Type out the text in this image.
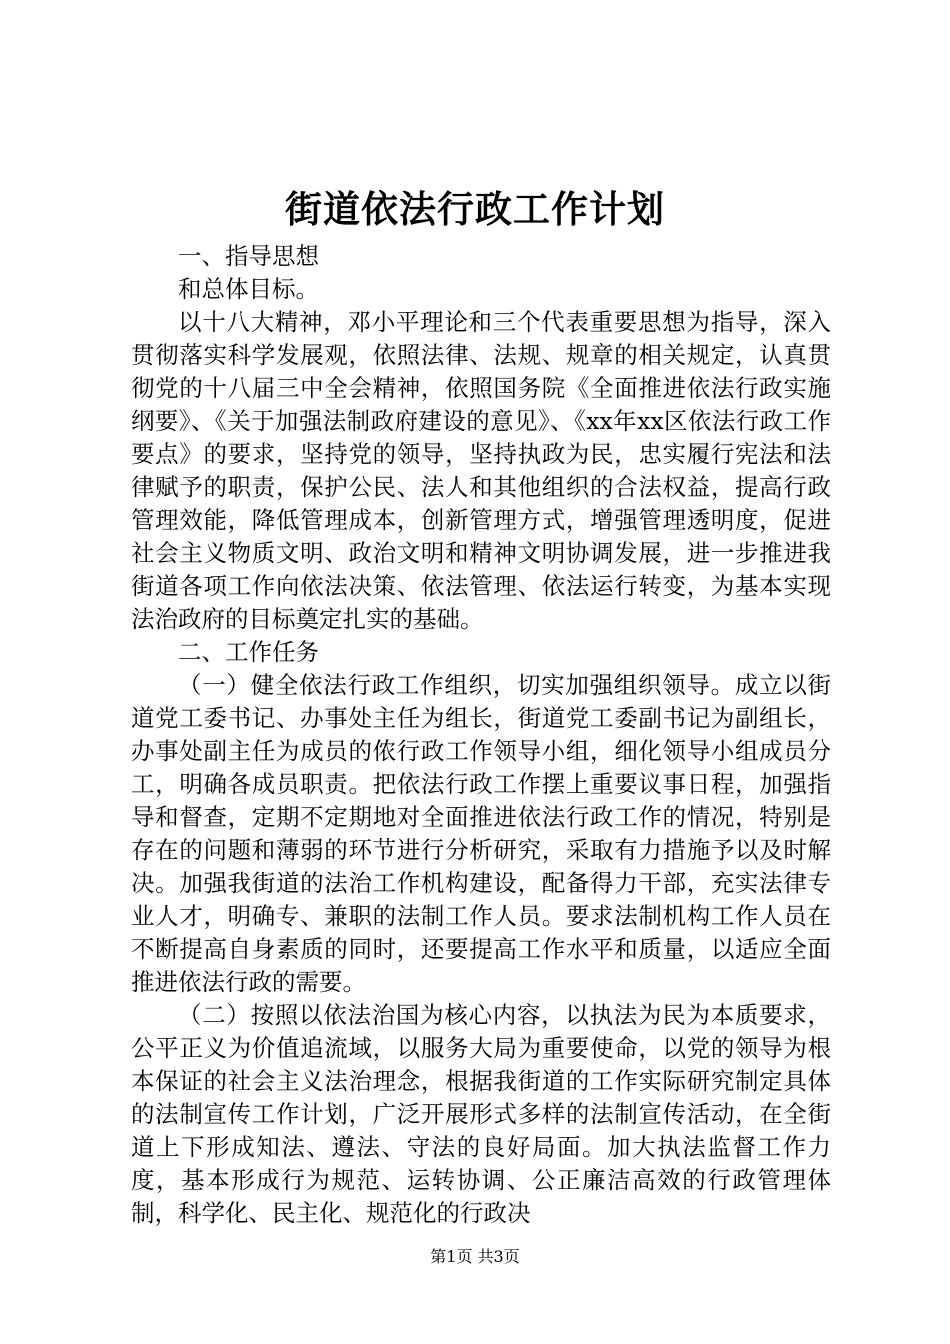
街道依法行政工作计划

一、指导思想

和总体目标。

以十八大精神，邓小平理论和三个代表重要思想为指导，深入贯彻落实科学发展观，依照法律、法规、规章的相关规定，认真贯彻党的十八届三中全会精神，依照国务院《全面推进依法行政实施纲要》、《关于加强法制政府建设的意见》、《xx年xx区依法行政工作要点》的要求，坚持党的领导，坚持执政为民，忠实履行宪法和法律赋予的职责，保护公民、法人和其他组织的合法权益，提高行政管理效能，降低管理成本，创新管理方式，增强管理透明度，促进社会主义物质文明、政治文明和精神文明协调发展，进一步推进我街道各项工作向依法决策、依法管理、依法运行转变，为基本实现法治政府的目标奠定扎实的基础。

二、工作任务

（一）健全依法行政工作组织，切实加强组织领导。成立以街道党工委书记、办事处主任为组长，街道党工委副书记为副组长，办事处副主任为成员的侬行政工作领导小组，细化领导小组成员分工，明确各成员职责。把依法行政工作摆上重要议事日程，加强指导和督查，定期不定期地对全面推进依法行政工作的情况，特别是存在的问题和薄弱的环节进行分析研究，采取有力措施予以及时解决。加强我街道的法治工作机构建设，配备得力干部，充实法律专业人才，明确专、兼职的法制工作人员。要求法制机构工作人员在不断提高自身素质的同时，还要提高工作水平和质量，以适应全面推进依法行政的需要。

（二）按照以依法治国为核心内容，以执法为民为本质要求，公平正义为价值追流域，以服务大局为重要使命，以党的领导为根本保证的社会主义法治理念，根据我街道的工作实际研究制定具体的法制宣传工作计划，广泛开展形式多样的法制宣传活动，在全街道上下形成知法、遵法、守法的良好局面。加大执法监督工作力度，基本形成行为规范、运转协调、公正廉洁高效的行政管理体制，科学化、民主化、规范化的行政决

第1页 共3页
